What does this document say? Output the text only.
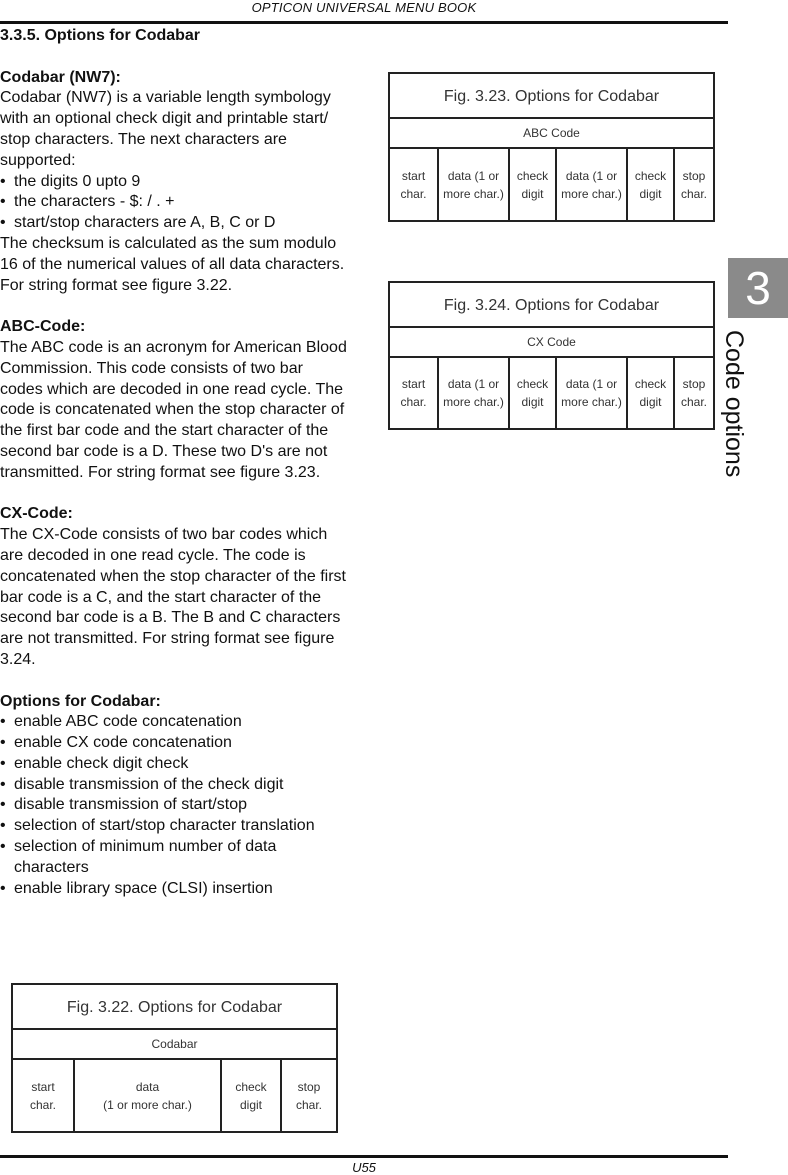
OPTICON UNIVERSAL MENU BOOK

3.3.5. Options for Codabar

Codabar (NW7):

Codabar (NW7) is a variable length symbology with an optional check digit and printable start/ stop characters. The next characters are supported:

• the digits 0 upto 9
• the characters - $: / . +
• start/stop characters are A, B, C or D

The checksum is calculated as the sum modulo 16 of the numerical values of all data characters. For string format see figure 3.22.

ABC-Code:

The ABC code is an acronym for American Blood Commission. This code consists of two bar codes which are decoded in one read cycle. The code is concatenated when the stop character of the first bar code and the start character of the second bar code is a D. These two D's are not transmitted. For string format see figure 3.23.

CX-Code:

The CX-Code consists of two bar codes which are decoded in one read cycle. The code is concatenated when the stop character of the first bar code is a C, and the start character of the second bar code is a B. The B and C characters are not transmitted. For string format see figure 3.24.

Options for Codabar:

• enable ABC code concatenation
• enable CX code concatenation
• enable check digit check
• disable transmission of the check digit
• disable transmission of start/stop
• selection of start/stop character translation
• selection of minimum number of data characters
• enable library space (CLSI) insertion
3
Code options
Fig. 3.23. Options for Codabar
ABC Code
start
char.
data (1 or
more char.)
check
digit
data (1 or
more char.)
check
digit
stop
char.
Fig. 3.24. Options for Codabar
CX Code
start
char.
data (1 or
more char.)
check
digit
data (1 or
more char.)
check
digit
stop
char.
Fig. 3.22. Options for Codabar
Codabar
start
char.
data
(1 or more char.)
check
digit
stop
char.
U55
